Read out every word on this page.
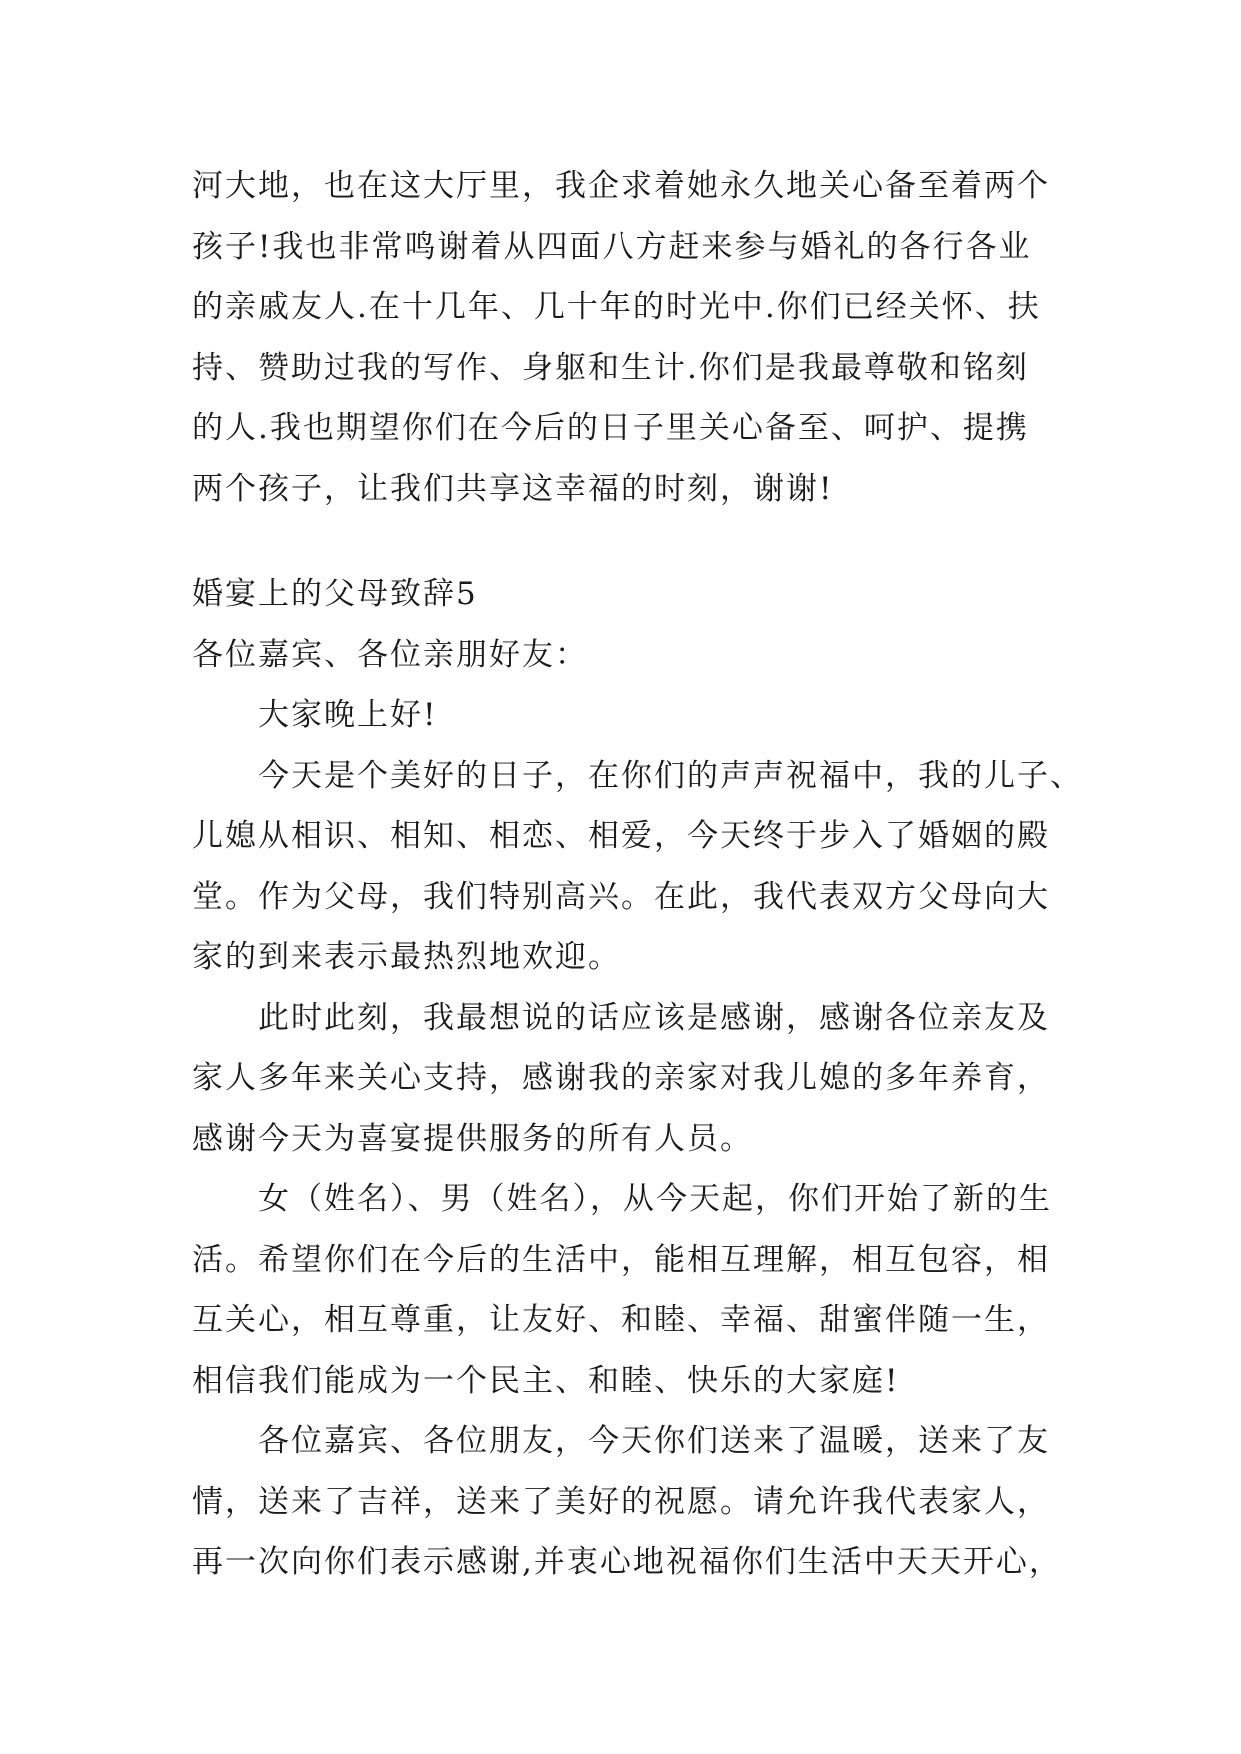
河大地，也在这大厅里，我企求着她永久地关心备至着两个
孩子!我也非常鸣谢着从四面八方赶来参与婚礼的各行各业
的亲戚友人.在十几年、几十年的时光中.你们已经关怀、扶
持、赞助过我的写作、身躯和生计.你们是我最尊敬和铭刻
的人.我也期望你们在今后的日子里关心备至、呵护、提携
两个孩子，让我们共享这幸福的时刻，谢谢!
婚宴上的父母致辞5
各位嘉宾、各位亲朋好友：
大家晚上好!
今天是个美好的日子，在你们的声声祝福中，我的儿子、
儿媳从相识、相知、相恋、相爱，今天终于步入了婚姻的殿
堂。作为父母，我们特别高兴。在此，我代表双方父母向大
家的到来表示最热烈地欢迎。
此时此刻，我最想说的话应该是感谢，感谢各位亲友及
家人多年来关心支持，感谢我的亲家对我儿媳的多年养育，
感谢今天为喜宴提供服务的所有人员。
女（姓名）、男（姓名），从今天起，你们开始了新的生
活。希望你们在今后的生活中，能相互理解，相互包容，相
互关心，相互尊重，让友好、和睦、幸福、甜蜜伴随一生，
相信我们能成为一个民主、和睦、快乐的大家庭!
各位嘉宾、各位朋友，今天你们送来了温暖，送来了友
情，送来了吉祥，送来了美好的祝愿。请允许我代表家人，
再一次向你们表示感谢,并衷心地祝福你们生活中天天开心，
